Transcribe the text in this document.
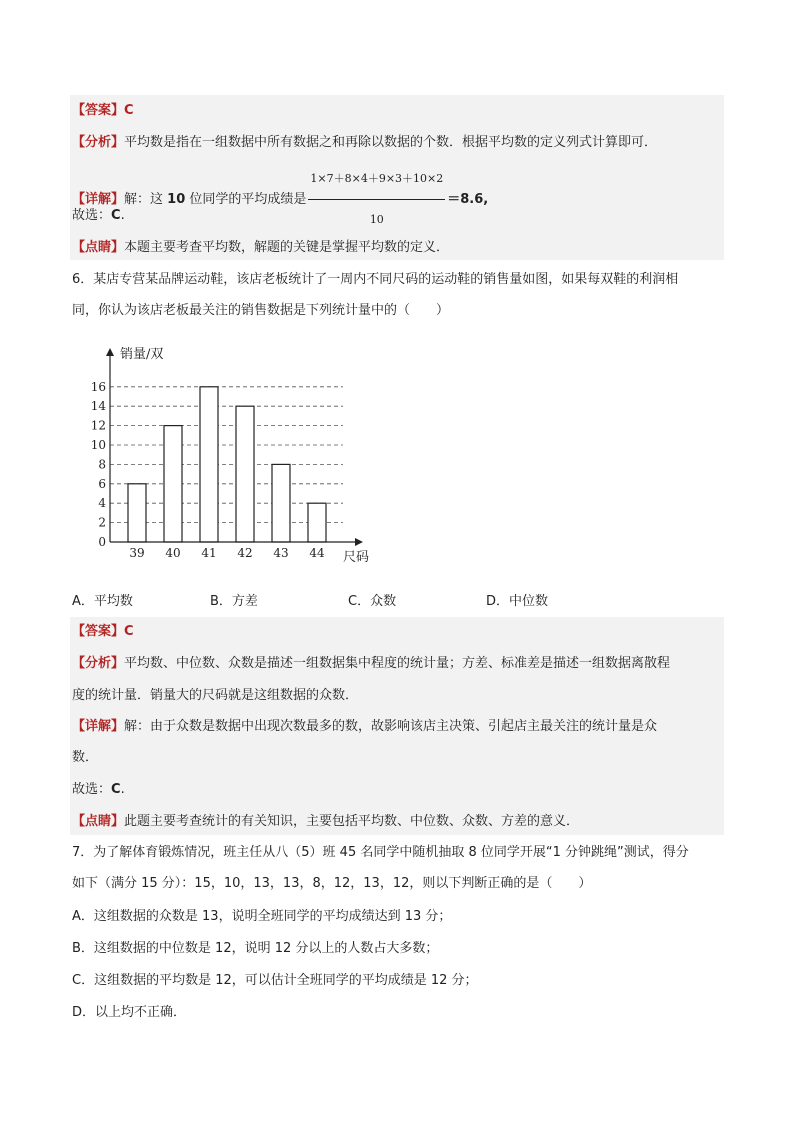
【答案】C
【分析】平均数是指在一组数据中所有数据之和再除以数据的个数．根据平均数的定义列式计算即可．
【详解】解：这 10 位同学的平均成绩是 $\frac{1\times 7+8\times 4+9\times 3+10\times 2}{10} =8.6$,
故选：C.
【点睛】本题主要考查平均数，解题的关键是掌握平均数的定义．
6．某店专营某品牌运动鞋，该店老板统计了一周内不同尺码的运动鞋的销售量如图，如果每双鞋的利润相
同，你认为该店老板最关注的销售数据是下列统计量中的（　　）
0
2
4
6
8
10
12
14
16
39 40 41 42 43 44
销量/双
尺码
A．平均数	B．方差	C．众数	D．中位数
【答案】C
【分析】平均数、中位数、众数是描述一组数据集中程度的统计量；方差、标准差是描述一组数据离散程
度的统计量．销量大的尺码就是这组数据的众数．
【详解】解：由于众数是数据中出现次数最多的数，故影响该店主决策、引起店主最关注的统计量是众
数．
故选：C.
【点睛】此题主要考查统计的有关知识，主要包括平均数、中位数、众数、方差的意义．
7．为了解体育锻炼情况，班主任从八（5）班 45 名同学中随机抽取 8 位同学开展“1 分钟跳绳”测试，得分
如下（满分 15 分）：15，10，13，13，8，12，13，12，则以下判断正确的是（　　）
A．这组数据的众数是 13，说明全班同学的平均成绩达到 13 分；
B．这组数据的中位数是 12，说明 12 分以上的人数占大多数；
C．这组数据的平均数是 12，可以估计全班同学的平均成绩是 12 分；
D．以上均不正确．
